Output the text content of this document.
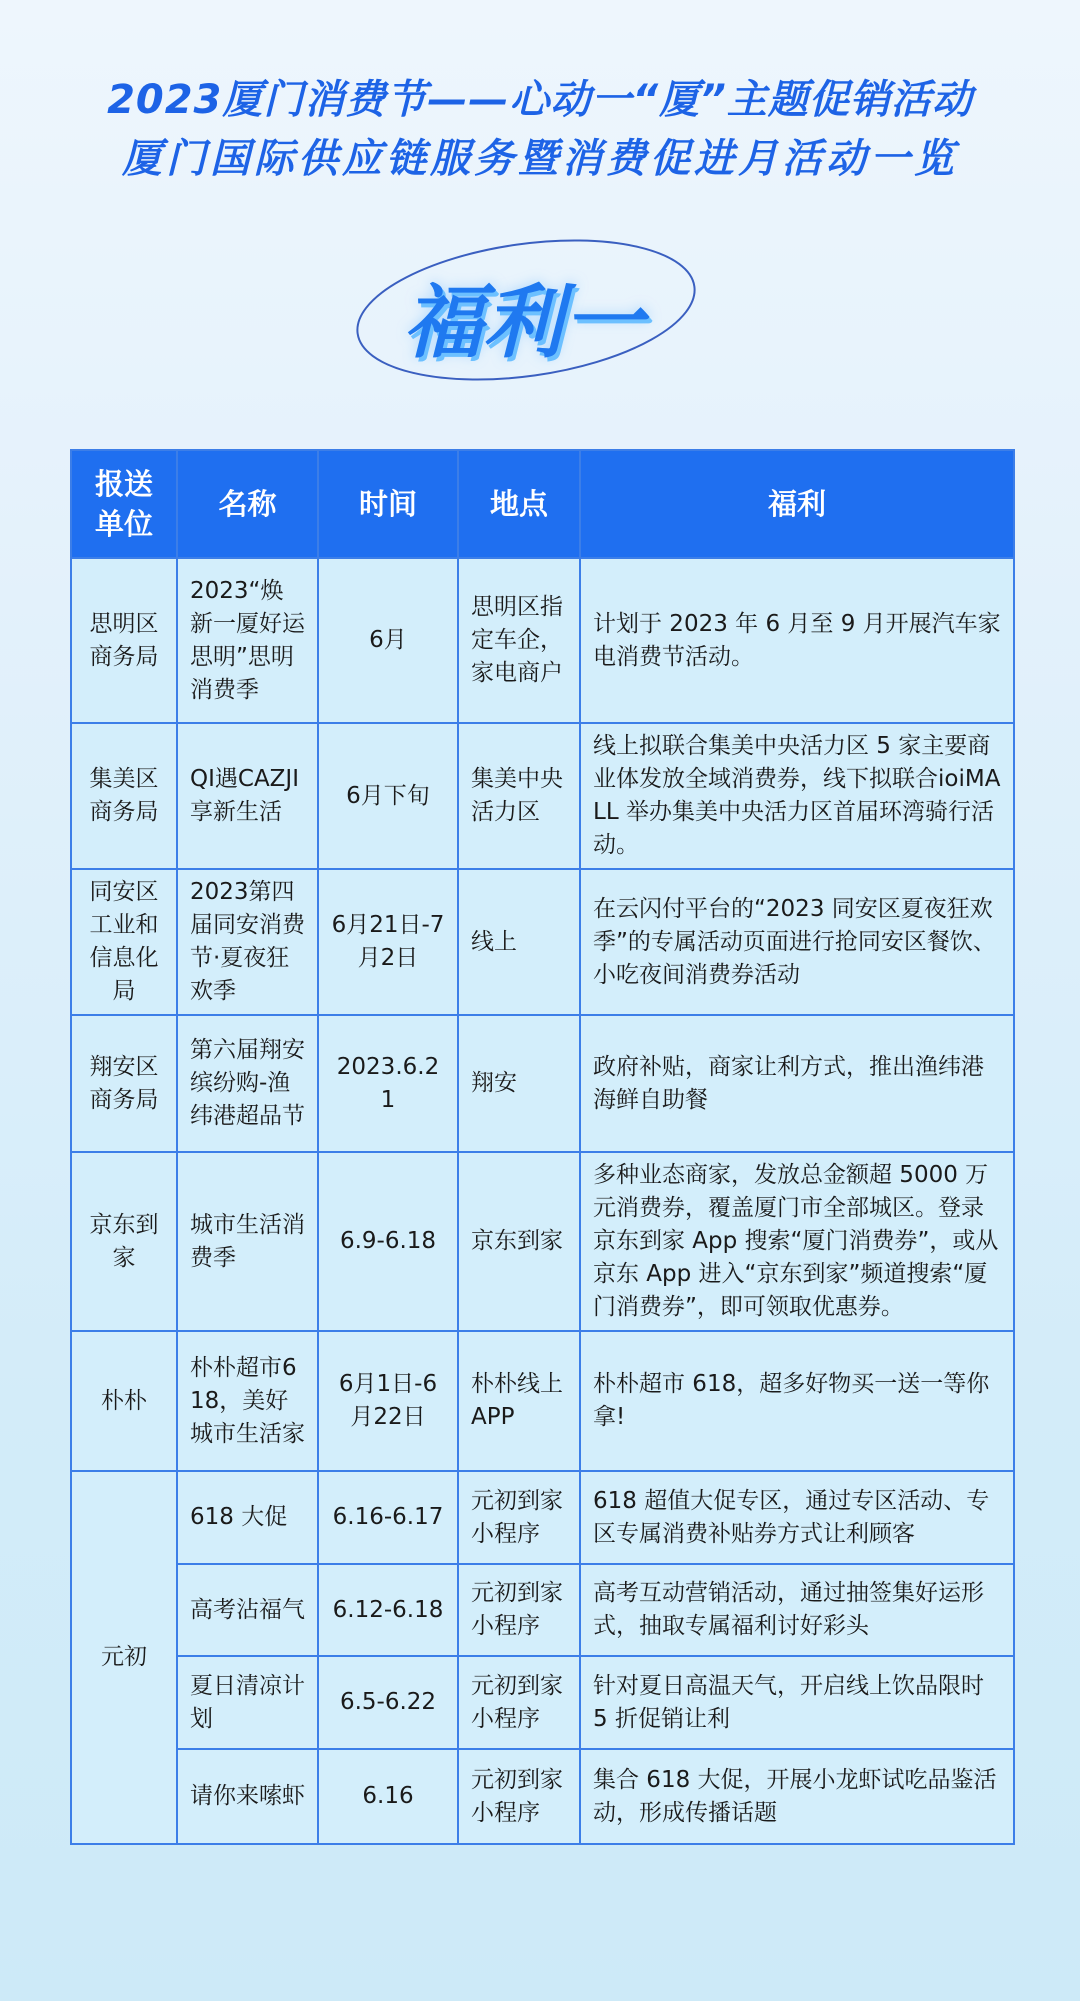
2023厦门消费节——心动一“厦”主题促销活动
厦门国际供应链服务暨消费促进月活动一览
福利一
报送单位	名称	时间	地点	福利
思明区商务局	2023“焕新一厦好运思明”思明消费季	6月	思明区指定车企，家电商户	计划于 2023 年 6 月至 9 月开展汽车家电消费节活动。
集美区商务局	QI遇CAZJI享新生活	6月下旬	集美中央活力区	线上拟联合集美中央活力区 5 家主要商业体发放全域消费券，线下拟联合ioiMALL 举办集美中央活力区首届环湾骑行活动。
同安区工业和信息化局	2023第四届同安消费节·夏夜狂欢季	6月21日-7月2日	线上	在云闪付平台的“2023 同安区夏夜狂欢季”的专属活动页面进行抢同安区餐饮、小吃夜间消费券活动
翔安区商务局	第六届翔安缤纷购-渔纬港超品节	2023.6.21	翔安	政府补贴，商家让利方式，推出渔纬港海鲜自助餐
京东到家	城市生活消费季	6.9-6.18	京东到家	多种业态商家，发放总金额超 5000 万元消费券，覆盖厦门市全部城区。登录京东到家 App 搜索“厦门消费券”，或从京东 App 进入“京东到家”频道搜索“厦门消费券”，即可领取优惠券。
朴朴	朴朴超市618，美好城市生活家	6月1日-6月22日	朴朴线上APP	朴朴超市 618，超多好物买一送一等你拿!
元初	618 大促	6.16-6.17	元初到家小程序	618 超值大促专区，通过专区活动、专区专属消费补贴券方式让利顾客
	高考沾福气	6.12-6.18	元初到家小程序	高考互动营销活动，通过抽签集好运形式，抽取专属福利讨好彩头
	夏日清凉计划	6.5-6.22	元初到家小程序	针对夏日高温天气，开启线上饮品限时 5 折促销让利
	请你来嗦虾	6.16	元初到家小程序	集合 618 大促，开展小龙虾试吃品鉴活动，形成传播话题
